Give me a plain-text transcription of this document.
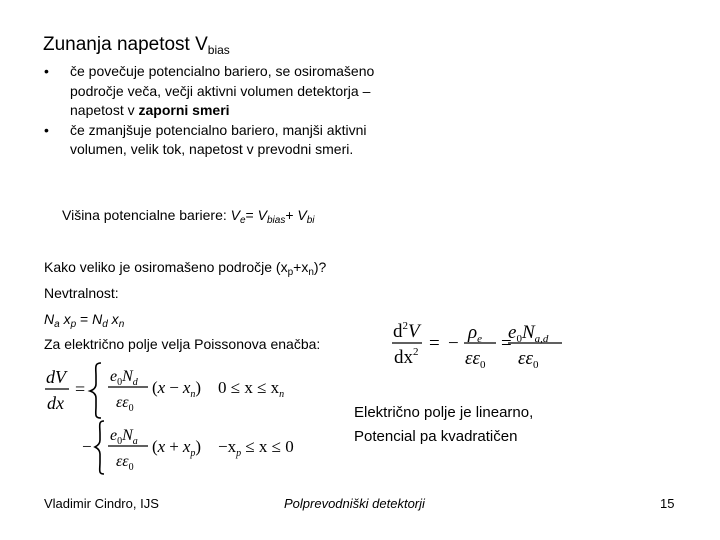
Zunanja napetost $V_{bias}$
•	če povečuje potencialno bariero, se osiromašeno področje veča, večji aktivni volumen detektorja – napetost v zaporni smeri
•	če zmanjšuje potencialno bariero, manjši aktivni volumen, velik tok, napetost v prevodni smeri.
Višina potencialne bariere: $V_e= V_{bias}+ V_{bi}$
Kako veliko je osiromašeno področje $(x_p+x_n)$?
Nevtralnost:
$N_a$ $x_p = N_d$ $x_n$
Za električno polje velja Poissonova enačba:
$d^2V$
$dx^2$ = −
$\rho_e$
$\varepsilon\varepsilon_0$
=
$e_0N_{a,d}$
$\varepsilon\varepsilon_0$
dV
dx
=
$e_0N_d$
$\varepsilon\varepsilon_0$
$(x - x_n)$ $0 \le x \le x_n$
−
$e_0N_a$
$\varepsilon\varepsilon_0$
$(x + x_p) -x_p \le x \le 0$
Električno polje je linearno,
Potencial pa kvadratičen
Vladimir Cindro, IJS	Polprevodniški detektorji	15
